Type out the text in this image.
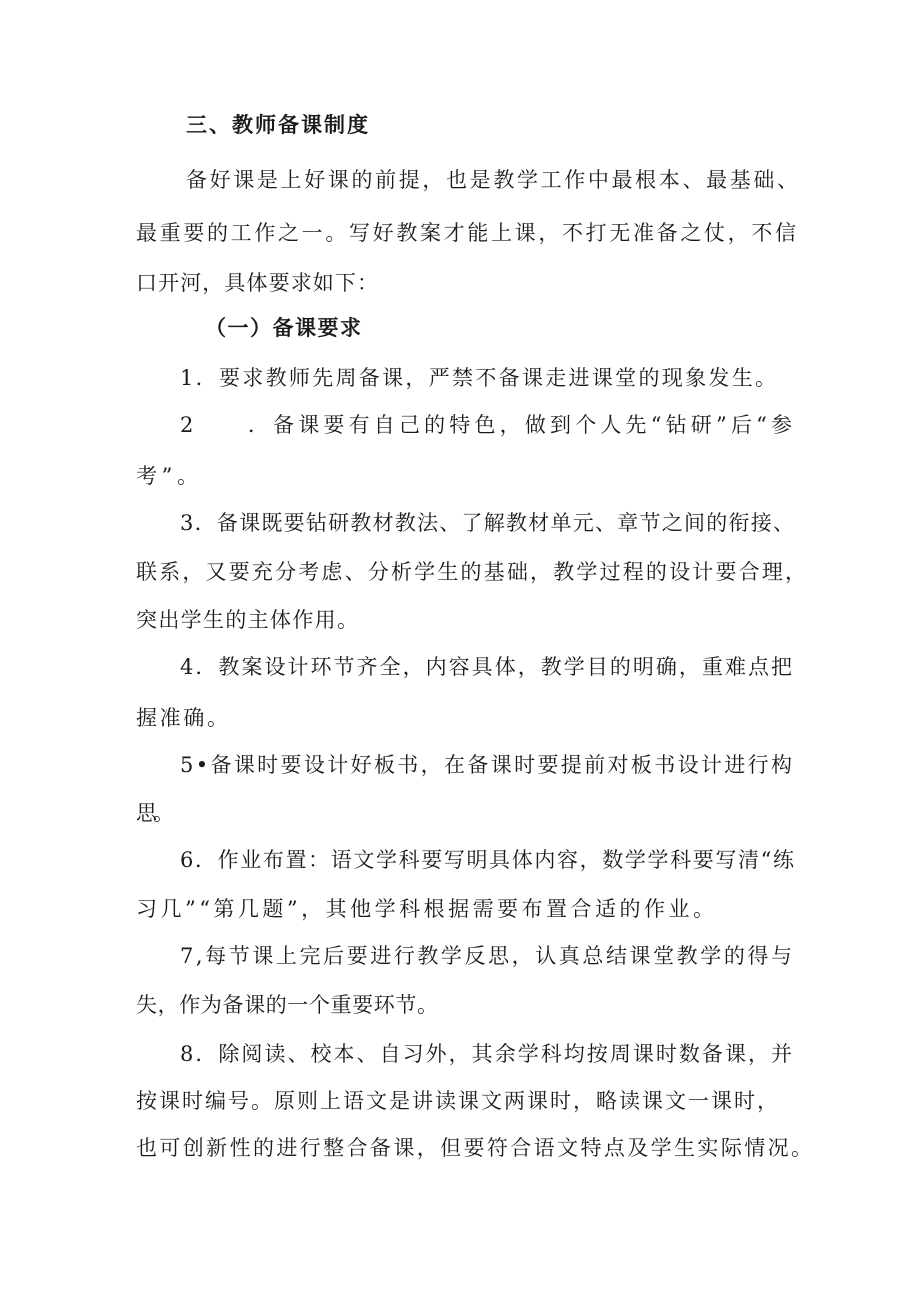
三、教师备课制度
备好课是上好课的前提，也是教学工作中最根本、最基础、
最重要的工作之一。写好教案才能上课，不打无准备之仗，不信
口开河，具体要求如下：
（一）备课要求
1．要求教师先周备课，严禁不备课走进课堂的现象发生。
2　　．备课要有自己的特色，做到个人先“钻研”后“参
考”。
3．备课既要钻研教材教法、了解教材单元、章节之间的衔接、
联系，又要充分考虑、分析学生的基础，教学过程的设计要合理，
突出学生的主体作用。
4．教案设计环节齐全，内容具体，教学目的明确，重难点把
握准确。
5•备课时要设计好板书，在备课时要提前对板书设计进行构
思。
6．作业布置：语文学科要写明具体内容，数学学科要写清“练
习几”“第几题”，其他学科根据需要布置合适的作业。
7,每节课上完后要进行教学反思，认真总结课堂教学的得与
失，作为备课的一个重要环节。
8．除阅读、校本、自习外，其余学科均按周课时数备课，并
按课时编号。原则上语文是讲读课文两课时，略读课文一课时，
也可创新性的进行整合备课，但要符合语文特点及学生实际情况。
